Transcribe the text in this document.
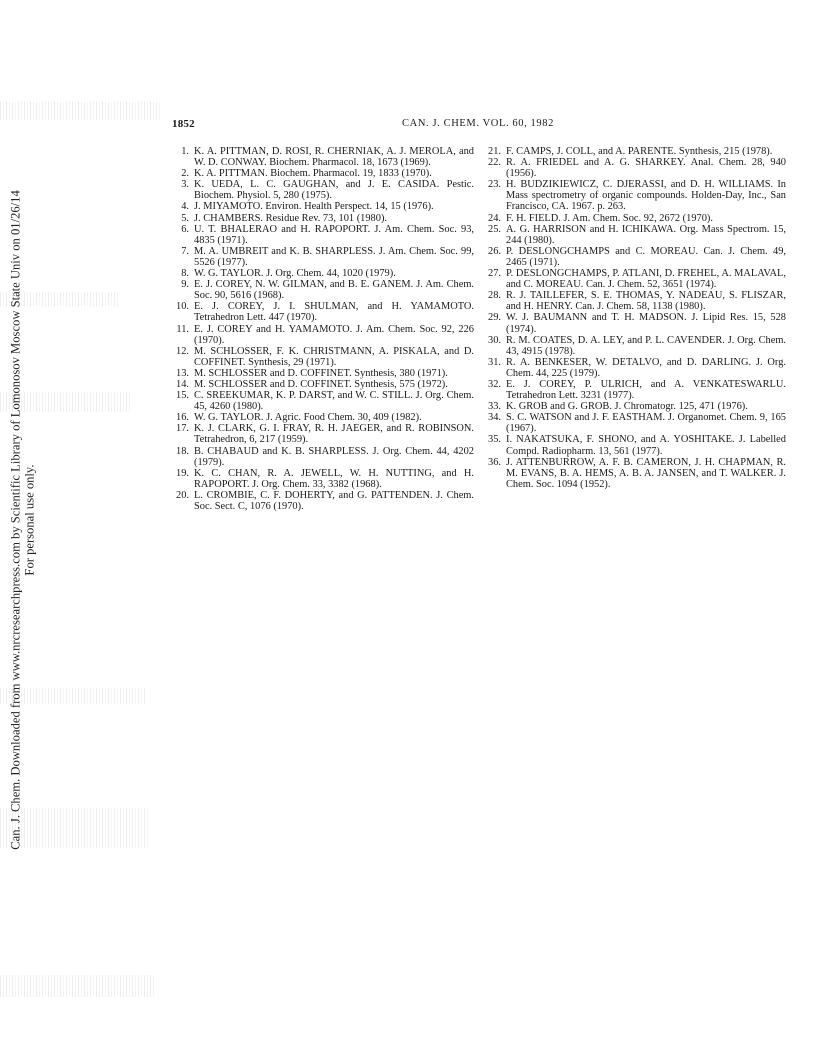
Can. J. Chem. Downloaded from www.nrcresearchpress.com by Scientific Library of Lomonosov Moscow State Univ on 01/26/14 For personal use only.
1852	CAN. J. CHEM. VOL. 60, 1982
1. K. A. PITTMAN, D. ROSI, R. CHERNIAK, A. J. MEROLA, and W. D. CONWAY. Biochem. Pharmacol. 18, 1673 (1969).
2. K. A. PITTMAN. Biochem. Pharmacol. 19, 1833 (1970).
3. K. UEDA, L. C. GAUGHAN, and J. E. CASIDA. Pestic. Biochem. Physiol. 5, 280 (1975).
4. J. MIYAMOTO. Environ. Health Perspect. 14, 15 (1976).
5. J. CHAMBERS. Residue Rev. 73, 101 (1980).
6. U. T. BHALERAO and H. RAPOPORT. J. Am. Chem. Soc. 93, 4835 (1971).
7. M. A. UMBREIT and K. B. SHARPLESS. J. Am. Chem. Soc. 99, 5526 (1977).
8. W. G. TAYLOR. J. Org. Chem. 44, 1020 (1979).
9. E. J. COREY, N. W. GILMAN, and B. E. GANEM. J. Am. Chem. Soc. 90, 5616 (1968).
10. E. J. COREY, J. I. SHULMAN, and H. YAMAMOTO. Tetrahedron Lett. 447 (1970).
11. E. J. COREY and H. YAMAMOTO. J. Am. Chem. Soc. 92, 226 (1970).
12. M. SCHLOSSER, F. K. CHRISTMANN, A. PISKALA, and D. COFFINET. Synthesis, 29 (1971).
13. M. SCHLOSSER and D. COFFINET. Synthesis, 380 (1971).
14. M. SCHLOSSER and D. COFFINET. Synthesis, 575 (1972).
15. C. SREEKUMAR, K. P. DARST, and W. C. STILL. J. Org. Chem. 45, 4260 (1980).
16. W. G. TAYLOR. J. Agric. Food Chem. 30, 409 (1982).
17. K. J. CLARK, G. I. FRAY, R. H. JAEGER, and R. ROBINSON. Tetrahedron, 6, 217 (1959).
18. B. CHABAUD and K. B. SHARPLESS. J. Org. Chem. 44, 4202 (1979).
19. K. C. CHAN, R. A. JEWELL, W. H. NUTTING, and H. RAPOPORT. J. Org. Chem. 33, 3382 (1968).
20. L. CROMBIE, C. F. DOHERTY, and G. PATTENDEN. J. Chem. Soc. Sect. C, 1076 (1970).
21. F. CAMPS, J. COLL, and A. PARENTE. Synthesis, 215 (1978).
22. R. A. FRIEDEL and A. G. SHARKEY. Anal. Chem. 28, 940 (1956).
23. H. BUDZIKIEWICZ, C. DJERASSI, and D. H. WILLIAMS. In Mass spectrometry of organic compounds. Holden-Day, Inc., San Francisco, CA. 1967. p. 263.
24. F. H. FIELD. J. Am. Chem. Soc. 92, 2672 (1970).
25. A. G. HARRISON and H. ICHIKAWA. Org. Mass Spectrom. 15, 244 (1980).
26. P. DESLONGCHAMPS and C. MOREAU. Can. J. Chem. 49, 2465 (1971).
27. P. DESLONGCHAMPS, P. ATLANI, D. FREHEL, A. MALAVAL, and C. MOREAU. Can. J. Chem. 52, 3651 (1974).
28. R. J. TAILLEFER, S. E. THOMAS, Y. NADEAU, S. FLISZAR, and H. HENRY. Can. J. Chem. 58, 1138 (1980).
29. W. J. BAUMANN and T. H. MADSON. J. Lipid Res. 15, 528 (1974).
30. R. M. COATES, D. A. LEY, and P. L. CAVENDER. J. Org. Chem. 43, 4915 (1978).
31. R. A. BENKESER, W. DETALVO, and D. DARLING. J. Org. Chem. 44, 225 (1979).
32. E. J. COREY, P. ULRICH, and A. VENKATESWARLU. Tetrahedron Lett. 3231 (1977).
33. K. GROB and G. GROB. J. Chromatogr. 125, 471 (1976).
34. S. C. WATSON and J. F. EASTHAM. J. Organomet. Chem. 9, 165 (1967).
35. I. NAKATSUKA, F. SHONO, and A. YOSHITAKE. J. Labelled Compd. Radiopharm. 13, 561 (1977).
36. J. ATTENBURROW, A. F. B. CAMERON, J. H. CHAPMAN, R. M. EVANS, B. A. HEMS, A. B. A. JANSEN, and T. WALKER. J. Chem. Soc. 1094 (1952).
